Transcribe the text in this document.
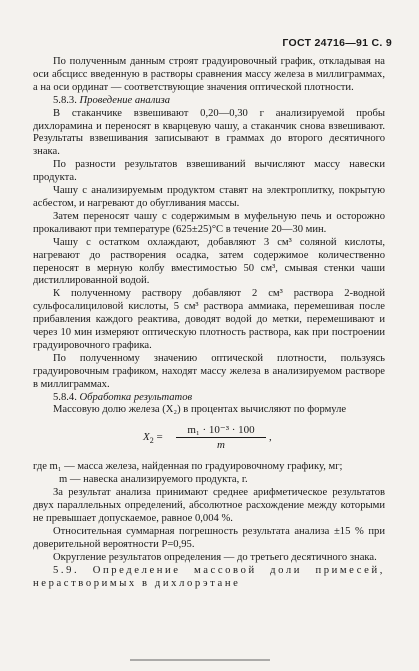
ГОСТ 24716—91 С. 9

По полученным данным строят градуировочный график, откладывая на оси абсцисс введенную в растворы сравнения массу железа в миллиграммах, а на оси ординат — соответствующие значения оптической плотности.

5.8.3. Проведение анализа

В стаканчике взвешивают 0,20—0,30 г анализируемой пробы дихлорамина и переносят в кварцевую чашу, а стаканчик снова взвешивают. Результаты взвешивания записывают в граммах до второго десятичного знака.

По разности результатов взвешиваний вычисляют массу навески продукта.

Чашу с анализируемым продуктом ставят на электроплитку, покрытую асбестом, и нагревают до обугливания массы.

Затем переносят чашу с содержимым в муфельную печь и осторожно прокаливают при температуре (625±25)°С в течение 20—30 мин.

Чашу с остатком охлаждают, добавляют 3 см³ соляной кислоты, нагревают до растворения осадка, затем содержимое количественно переносят в мерную колбу вместимостью 50 см³, смывая стенки чаши дистиллированной водой.

К полученному раствору добавляют 2 см³ раствора 2-водной сульфосалициловой кислоты, 5 см³ раствора аммиака, перемешивая после прибавления каждого реактива, доводят водой до метки, перемешивают и через 10 мин измеряют оптическую плотность раствора, как при построении градуировочного графика.

По полученному значению оптической плотности, пользуясь градуировочным графиком, находят массу железа в анализируемом растворе в миллиграммах.

5.8.4. Обработка результатов

Массовую долю железа (X₂) в процентах вычисляют по формуле

$X_2 = \frac{\text{m₁ · 10⁻³ · 100}}{m}$ ,

где m₁ — масса железа, найденная по градуировочному графику, мг;

m — навеска анализируемого продукта, г.

За результат анализа принимают среднее арифметическое результатов двух параллельных определений, абсолютное расхождение между которыми не превышает допускаемое, равное 0,004 %.

Относительная суммарная погрешность результата анализа ±15 % при доверительной вероятности P=0,95.

Округление результатов определения — до третьего десятичного знака.

5.9. Определение массовой доли примесей, нерастворимых в дихлорэтане
